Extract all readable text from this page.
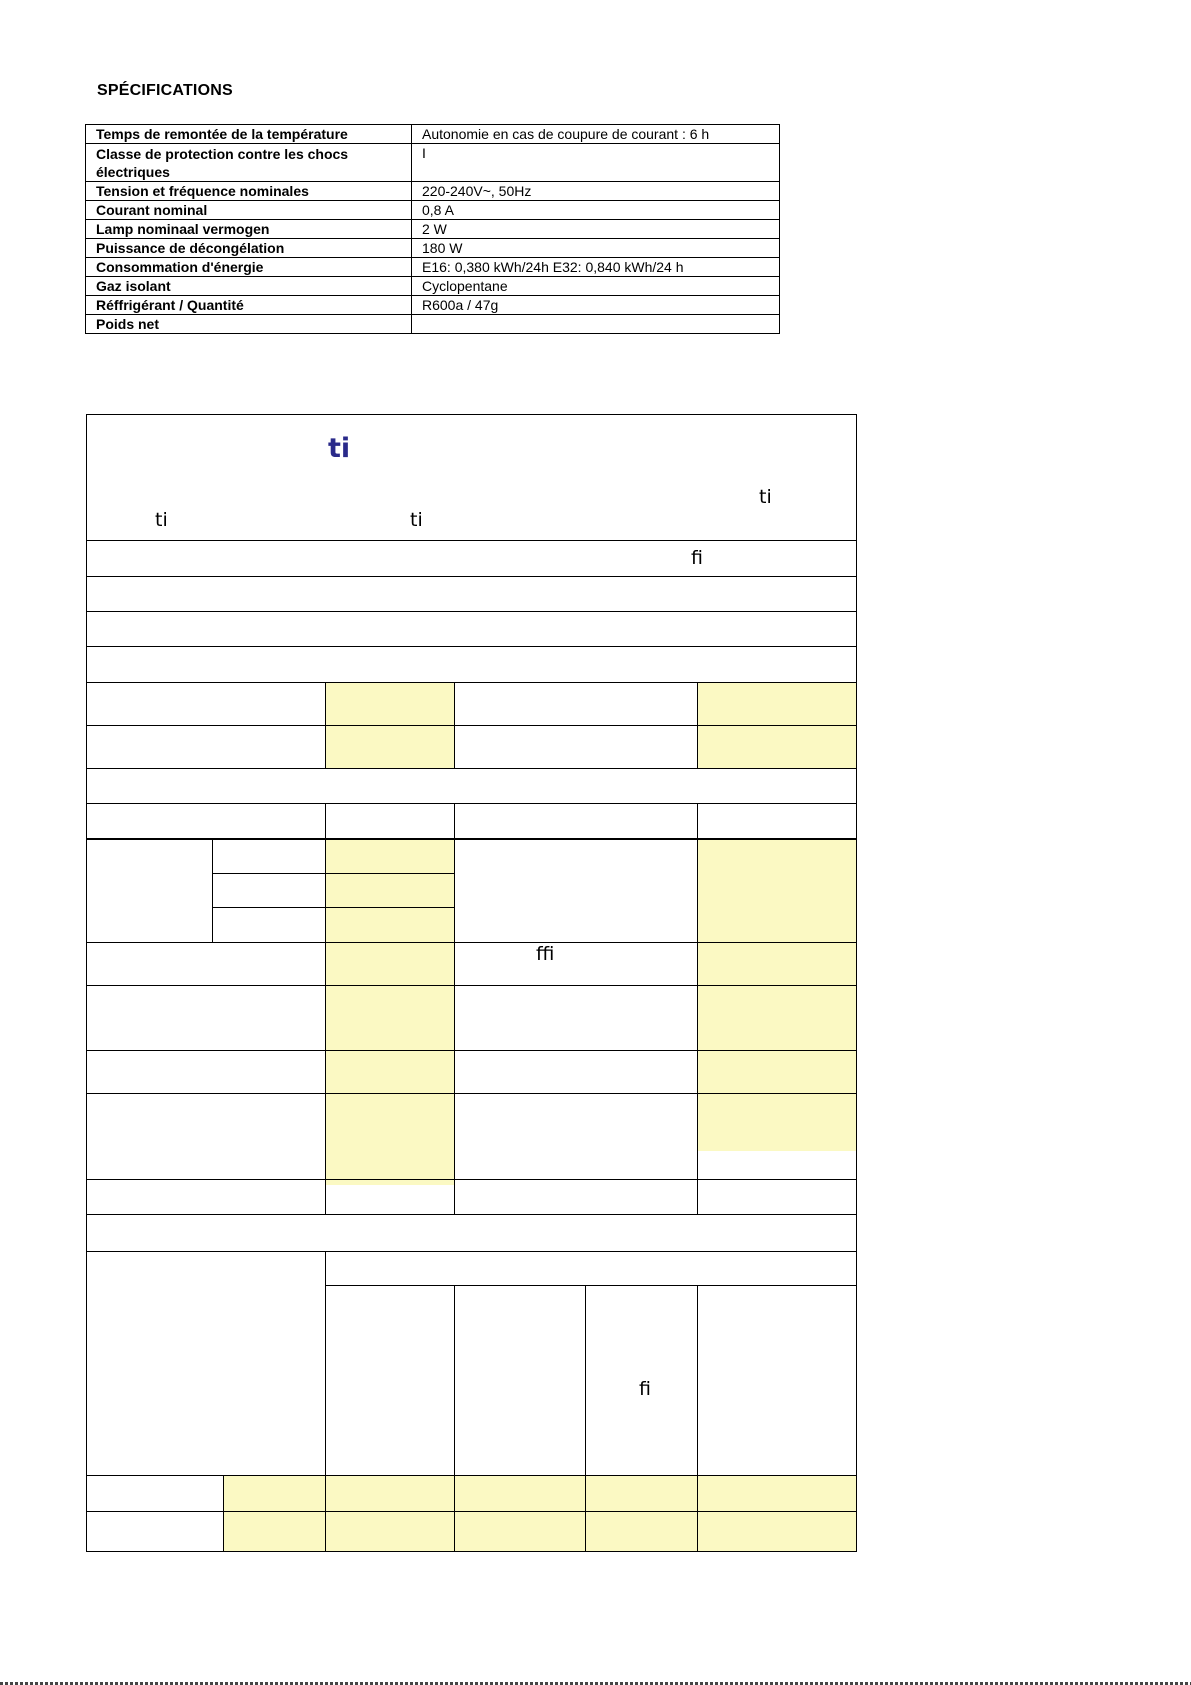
SPÉCIFICATIONS
Temps de remontée de la température	Autonomie en cas de coupure de courant : 6 h
Classe de protection contre les chocs électriques	I
Tension et fréquence nominales	220-240V~, 50Hz
Courant nominal	0,8 A
Lamp nominaal vermogen	2 W
Puissance de décongélation	180 W
Consommation d'énergie	E16: 0,380 kWh/24h E32: 0,840 kWh/24 h
Gaz isolant	Cyclopentane
Réffrigérant / Quantité	R600a / 47g
Poids net	
ti
ti
ti	ti
fi
ffi
fi
